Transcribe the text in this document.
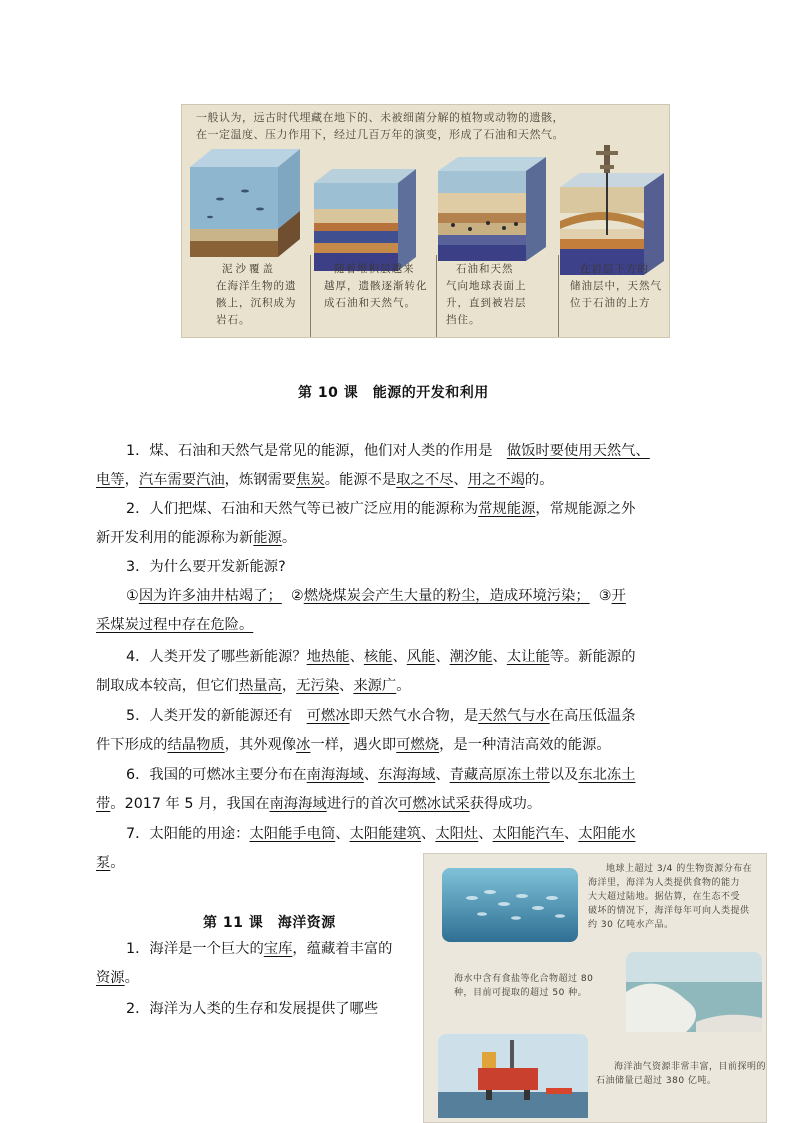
一般认为，远古时代埋藏在地下的、未被细菌分解的植物或动物的遗骸，
在一定温度、压力作用下，经过几百万年的演变，形成了石油和天然气。
泥沙覆盖
在海洋生物的遗
骸上，沉积成为
岩石。
随着堆积层越来
越厚，遗骸逐渐转化
成石油和天然气。
石油和天然
气向地球表面上
升，直到被岩层
挡住。
在岩层下方的
储油层中，天然气
位于石油的上方
第 10 课　能源的开发和利用
1．煤、石油和天然气是常见的能源，他们对人类的作用是　做饭时要使用天然气、
电等，汽车需要汽油，炼钢需要焦炭。能源不是取之不尽、用之不竭的。
2．人们把煤、石油和天然气等已被广泛应用的能源称为常规能源，常规能源之外
新开发利用的能源称为新能源。
3．为什么要开发新能源?
①因为许多油井枯竭了； ②燃烧煤炭会产生大量的粉尘，造成环境污染； ③开
采煤炭过程中存在危险。
4．人类开发了哪些新能源？地热能、核能、风能、潮汐能、太让能等。新能源的
制取成本较高，但它们热量高，无污染、来源广。
5．人类开发的新能源还有　可燃冰即天然气水合物，是天然气与水在高压低温条
件下形成的结晶物质，其外观像冰一样，遇火即可燃烧，是一种清洁高效的能源。
6．我国的可燃冰主要分布在南海海域、东海海域、青藏高原冻土带以及东北冻土
带。2017 年 5 月，我国在南海海域进行的首次可燃冰试采获得成功。
7．太阳能的用途：太阳能手电筒、太阳能建筑、太阳灶、太阳能汽车、太阳能水
泵。
第 11 课　海洋资源
1．海洋是一个巨大的宝库，蕴藏着丰富的
资源。
2．海洋为人类的生存和发展提供了哪些
地球上超过 3/4 的生物资源分布在
海洋里，海洋为人类提供食物的能力
大大超过陆地。据估算，在生态不受
破坏的情况下，海洋每年可向人类提供
约 30 亿吨水产品。
海水中含有食盐等化合物超过 80
种，目前可提取的超过 50 种。
海洋油气资源非常丰富，目前探明的
石油储量已超过 380 亿吨。
